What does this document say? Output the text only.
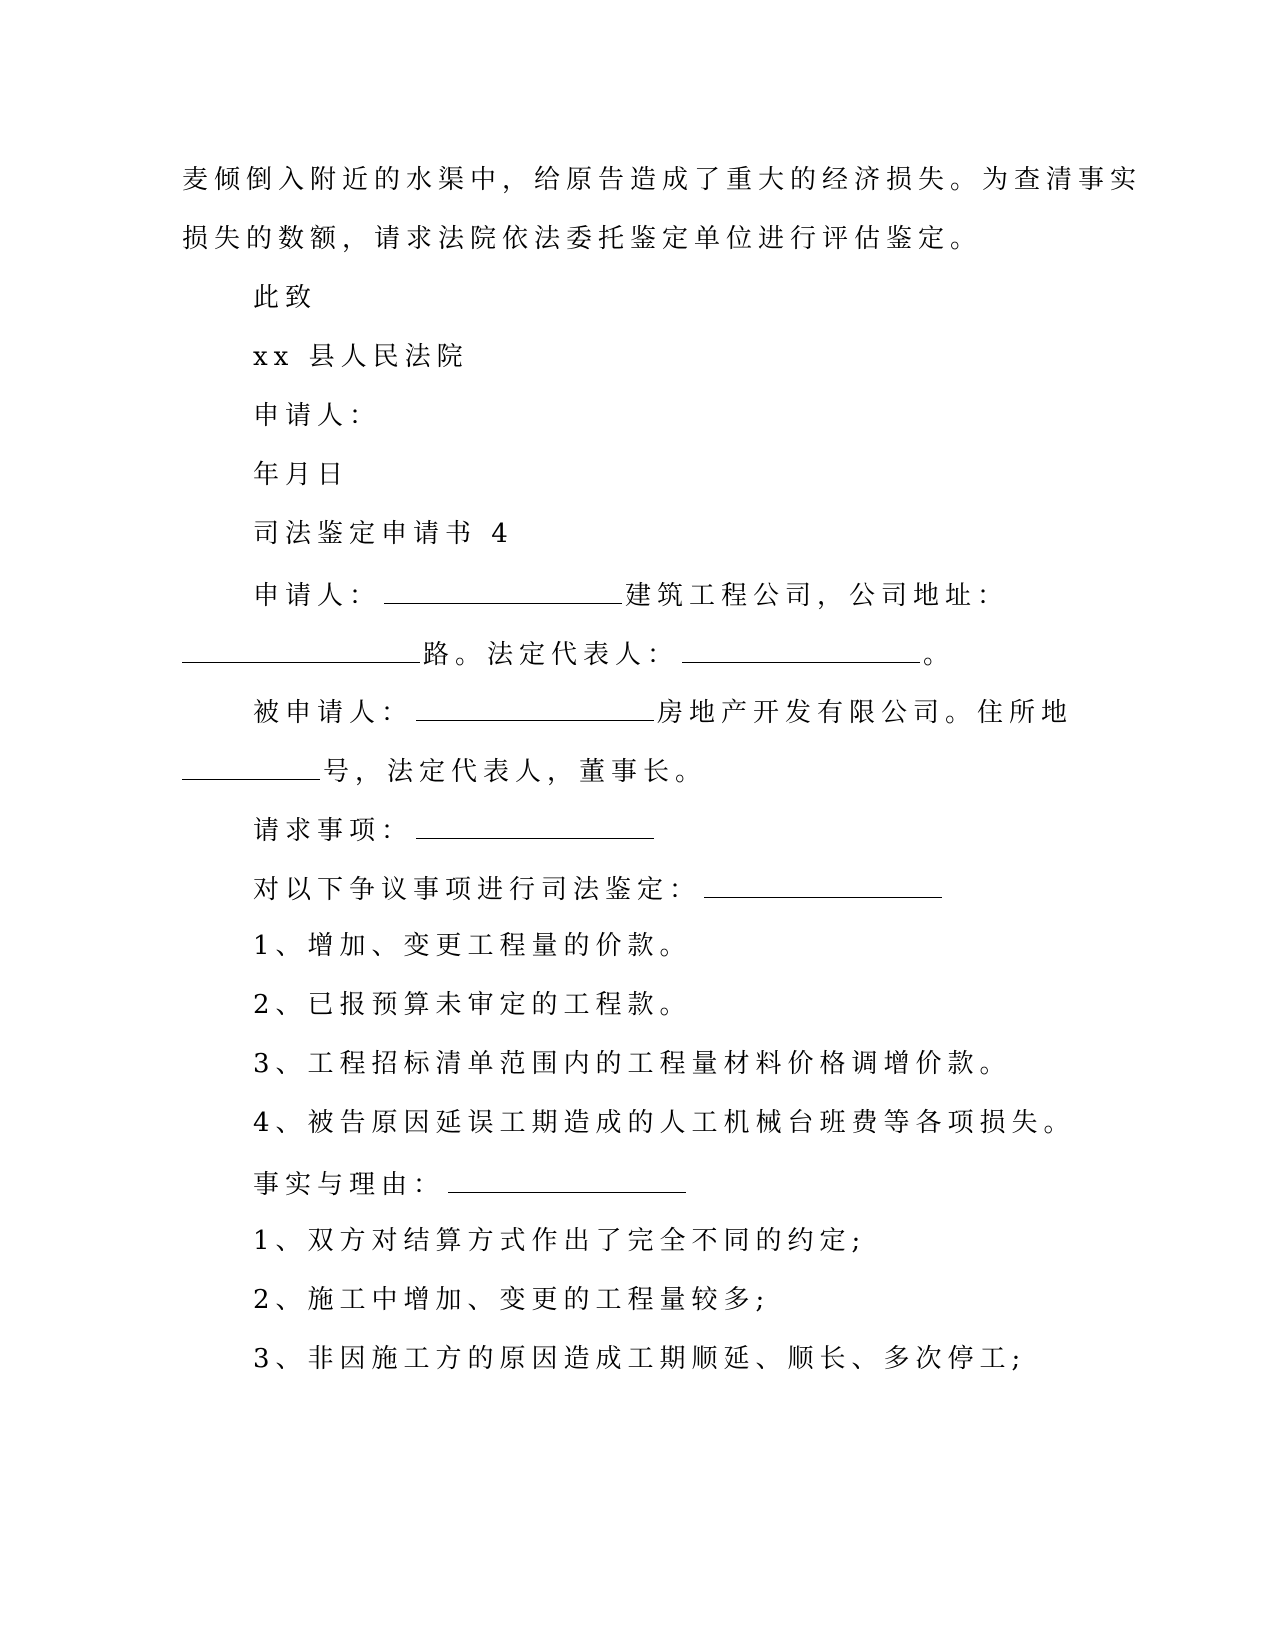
麦倾倒入附近的水渠中，给原告造成了重大的经济损失。为查清事实
损失的数额，请求法院依法委托鉴定单位进行评估鉴定。
此致
xx 县人民法院
申请人：
年月日
司法鉴定申请书 4
申请人：	建筑工程公司，公司地址：
路。法定代表人：	。
被申请人：	房地产开发有限公司。住所地
号，法定代表人，董事长。
请求事项：
对以下争议事项进行司法鉴定：
1、增加、变更工程量的价款。
2、已报预算未审定的工程款。
3、工程招标清单范围内的工程量材料价格调增价款。
4、被告原因延误工期造成的人工机械台班费等各项损失。
事实与理由：
1、双方对结算方式作出了完全不同的约定;
2、施工中增加、变更的工程量较多;
3、非因施工方的原因造成工期顺延、顺长、多次停工;
